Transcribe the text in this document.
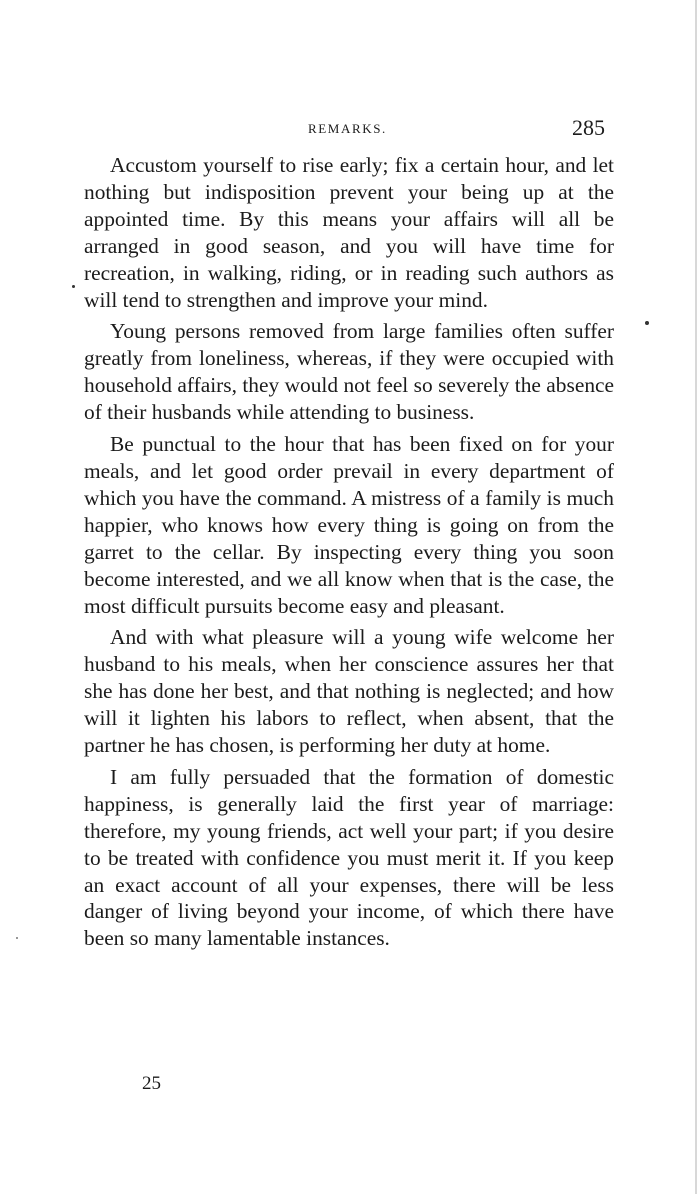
REMARKS.	285

Accustom yourself to rise early; fix a certain hour, and let nothing but indisposition prevent your being up at the appointed time. By this means your affairs will all be arranged in good season, and you will have time for recreation, in walking, riding, or in reading such authors as will tend to strengthen and improve your mind.

Young persons removed from large families often suffer greatly from loneliness, whereas, if they were occupied with household affairs, they would not feel so severely the absence of their husbands while attending to business.

Be punctual to the hour that has been fixed on for your meals, and let good order prevail in every department of which you have the command. A mistress of a family is much happier, who knows how every thing is going on from the garret to the cellar. By inspecting every thing you soon become interested, and we all know when that is the case, the most difficult pursuits become easy and pleasant.

And with what pleasure will a young wife welcome her husband to his meals, when her conscience assures her that she has done her best, and that nothing is neglected; and how will it lighten his labors to reflect, when absent, that the partner he has chosen, is performing her duty at home.

I am fully persuaded that the formation of domestic happiness, is generally laid the first year of marriage: therefore, my young friends, act well your part; if you desire to be treated with confidence you must merit it. If you keep an exact account of all your expenses, there will be less danger of living beyond your income, of which there have been so many lamentable instances.

25
